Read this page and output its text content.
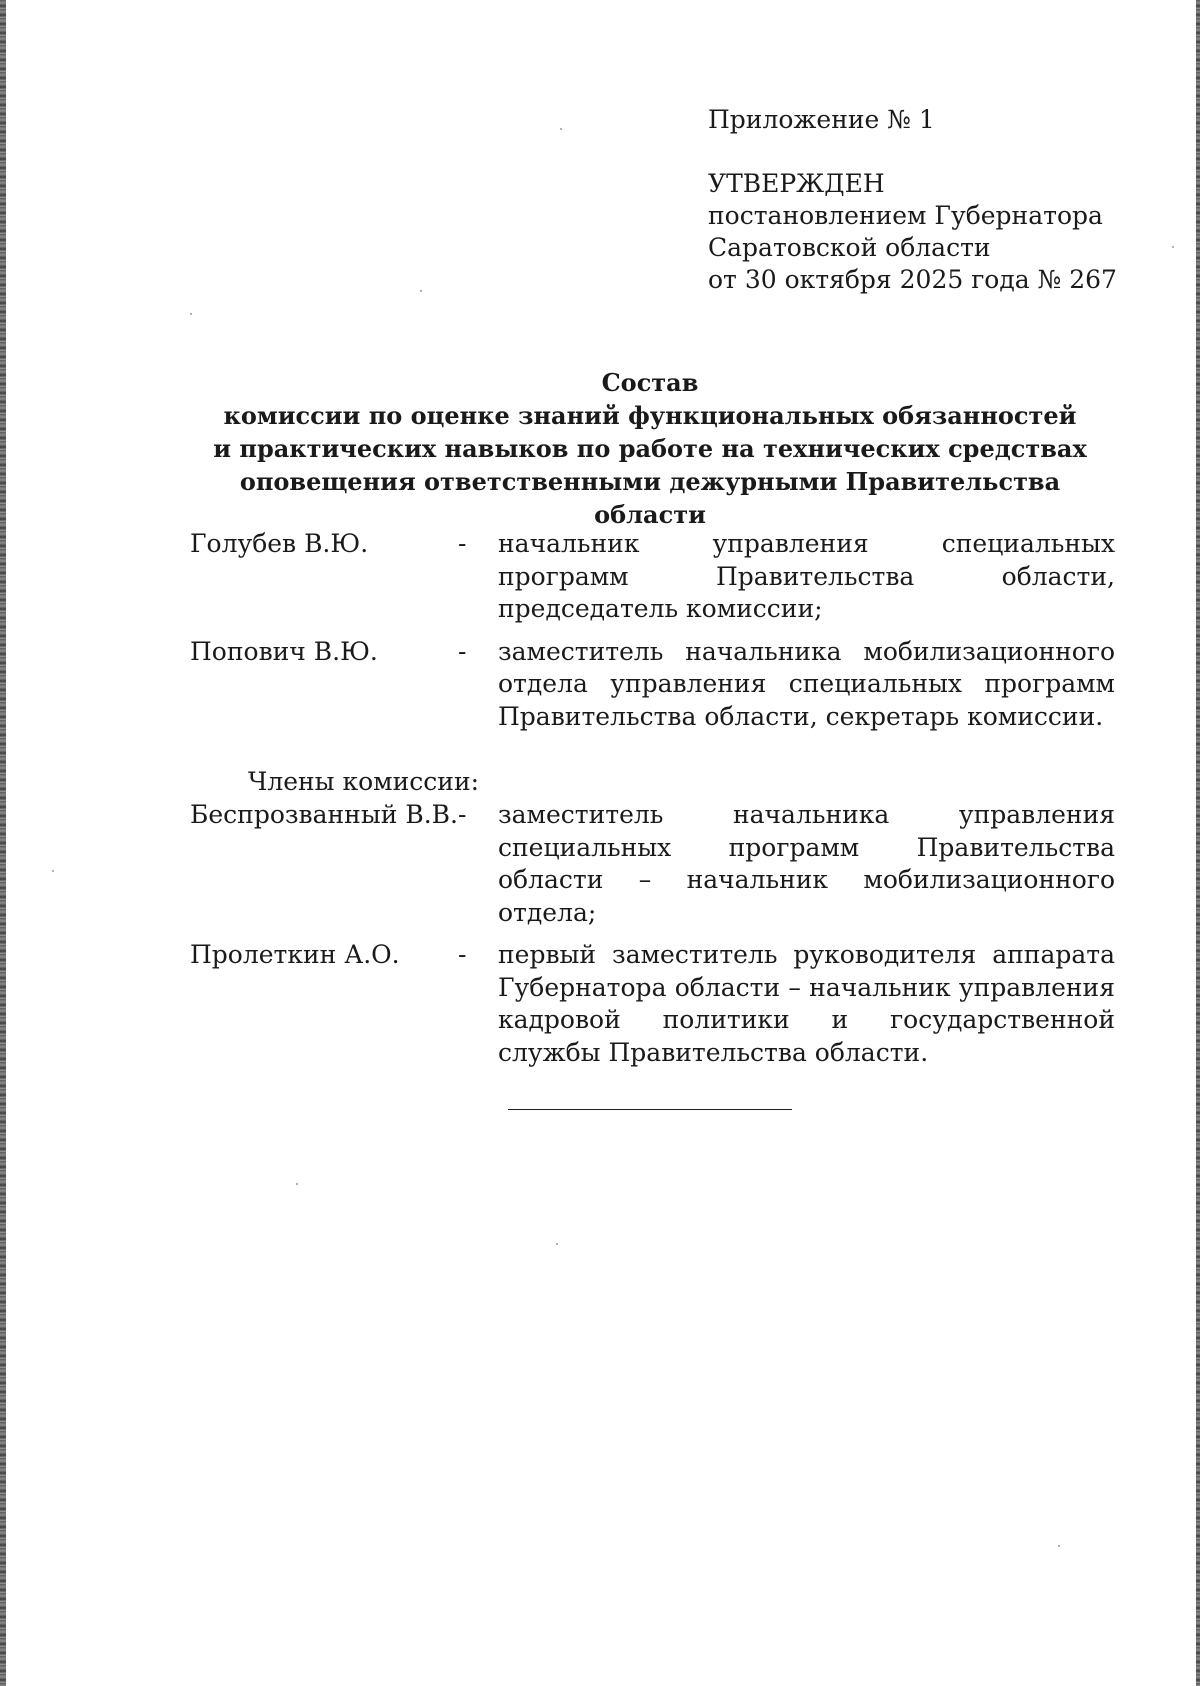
Приложение № 1
УТВЕРЖДЕН
постановлением Губернатора
Саратовской области
от 30 октября 2025 года № 267
Состав
комиссии по оценке знаний функциональных обязанностей
и практических навыков по работе на технических средствах
оповещения ответственными дежурными Правительства области
Голубев В.Ю.	-	начальник управления специальных программ Правительства области, председатель комиссии;
Попович В.Ю.	-	заместитель начальника мобилизационного отдела управления специальных программ Правительства области, секретарь комиссии.
Члены комиссии:
Беспрозванный В.В. -	заместитель начальника управления специальных программ Правительства области – начальник мобилизационного отдела;
Пролеткин А.О.	-	первый заместитель руководителя аппарата Губернатора области – начальник управления кадровой политики и государственной службы Правительства области.
